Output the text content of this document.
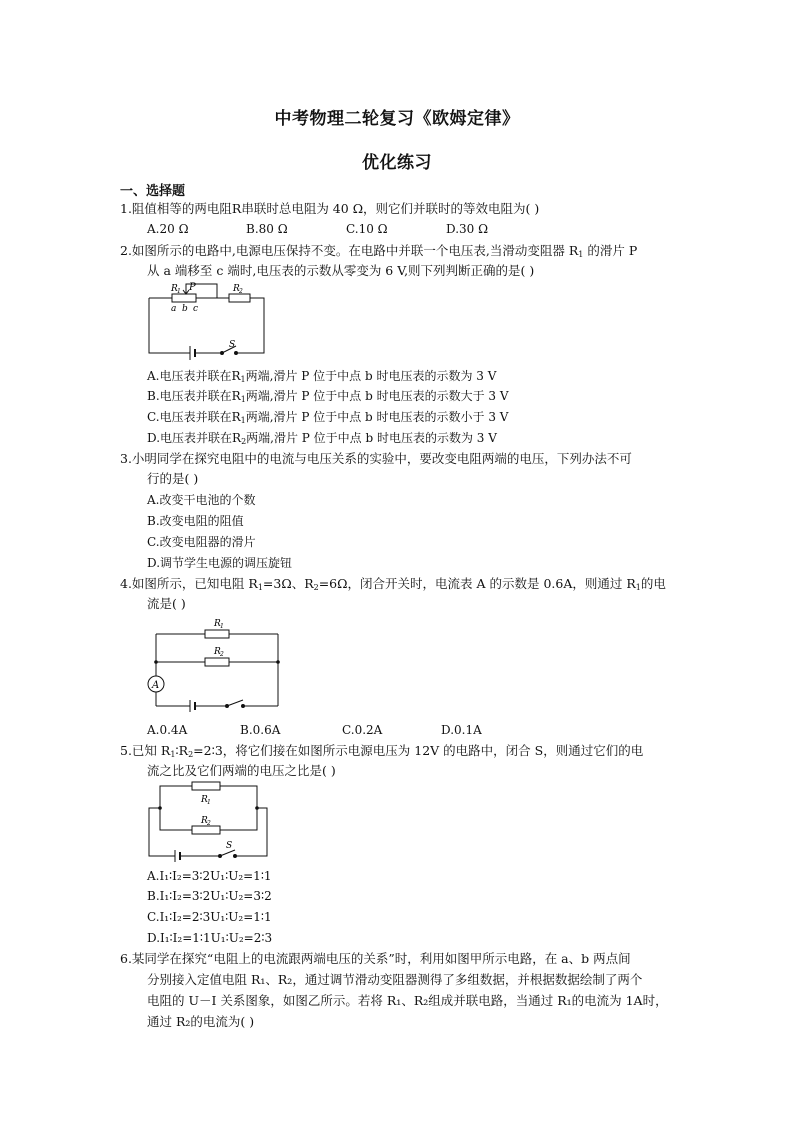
中考物理二轮复习《欧姆定律》
优化练习
一、选择题
1.阻值相等的两电阻R串联时总电阻为 40 Ω，则它们并联时的等效电阻为( )
A.20 Ω	B.80 Ω	C.10 Ω	D.30 Ω
2.如图所示的电路中,电源电压保持不变。在电路中并联一个电压表,当滑动变阻器 $R_1$ 的滑片 P
从 a 端移至 c 端时,电压表的示数从零变为 6 V,则下列判断正确的是( )
R 1 P	R 2
a b c
S
A.电压表并联在$R_1$两端,滑片 P 位于中点 b 时电压表的示数为 3 V
B.电压表并联在$R_1$两端,滑片 P 位于中点 b 时电压表的示数大于 3 V
C.电压表并联在$R_1$两端,滑片 P 位于中点 b 时电压表的示数小于 3 V
D.电压表并联在$R_2$两端,滑片 P 位于中点 b 时电压表的示数为 3 V
3.小明同学在探究电阻中的电流与电压关系的实验中，要改变电阻两端的电压，下列办法不可
行的是( )
A.改变干电池的个数
B.改变电阻的阻值
C.改变电阻器的滑片
D.调节学生电源的调压旋钮
4.如图所示，已知电阻 $R_1=3\Omega$、$R_2=6\Omega$，闭合开关时，电流表 A 的示数是 0.6A，则通过 $R_1$的电
流是( )
R 1
R 2
A
A.0.4A	B.0.6A	C.0.2A	D.0.1A
5.已知 $R_1∶R_2=2∶3$，将它们接在如图所示电源电压为 12V 的电路中，闭合 S，则通过它们的电
流之比及它们两端的电压之比是( )
R 1
R 2
S
A.I₁∶I₂=3∶2U₁∶U₂=1∶1
B.I₁∶I₂=3∶2U₁∶U₂=3∶2
C.I₁∶I₂=2∶3U₁∶U₂=1∶1
D.I₁∶I₂=1∶1U₁∶U₂=2∶3
6.某同学在探究“电阻上的电流跟两端电压的关系”时，利用如图甲所示电路，在 a、b 两点间
分别接入定值电阻 R₁、R₂，通过调节滑动变阻器测得了多组数据，并根据数据绘制了两个
电阻的 U－I 关系图象，如图乙所示。若将 R₁、R₂组成并联电路，当通过 R₁的电流为 1A时，
通过 R₂的电流为( )
